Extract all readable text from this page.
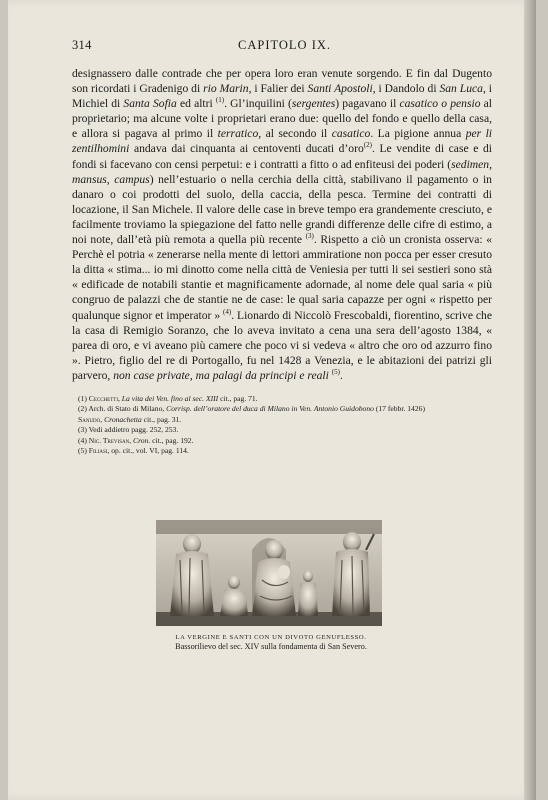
314	CAPITOLO IX.

designassero dalle contrade che per opera loro eran venute sorgendo. E fin dal Dugento son ricordati i Gradenigo di rio Marin, i Falier dei Santi Apostoli, i Dandolo di San Luca, i Michiel di Santa Sofia ed altri $^{(1)}$. Gl’inquilini (sergentes) pagavano il casatico o pensio al proprietario; ma alcune volte i proprietari erano due: quello del fondo e quello della casa, e allora si pagava al primo il terratico, al secondo il casatico. La pigione annua per li zentilhomini andava dai cinquanta ai centoventi ducati d’oro$^{(2)}$. Le vendite di case e di fondi si facevano con censi perpetui: e i contratti a fitto o ad enfiteusi dei poderi (sedimen, mansus, campus) nell’estuario o nella cerchia della città, stabilivano il pagamento o in danaro o coi prodotti del suolo, della caccia, della pesca. Termine dei contratti di locazione, il San Michele. Il valore delle case in breve tempo era grandemente cresciuto, e facilmente troviamo la spiegazione del fatto nelle grandi differenze delle cifre di estimo, a noi note, dall’età più remota a quella più recente $^{(3)}$. Rispetto a ciò un cronista osserva: « Perchè el potria « zenerarse nella mente di lettori ammiratione non pocca per esser cresuto la ditta « stima... io mi dinotto come nella città de Veniesia per tutti li sei sestieri sono stà « edificade de notabili stantie et magnificamente adornade, al nome dele qual saria « più congruo de palazzi che de stantie ne de case: le qual saria capazze per ogni « rispetto per qualunque signor et imperator » $^{(4)}$. Lionardo di Niccolò Frescobaldi, fiorentino, scrive che la casa di Remigio Soranzo, che lo aveva invitato a cena una sera dell’agosto 1384, « parea di oro, e vi aveano più camere che poco vi si vedeva « altro che oro od azzurro fino ». Pietro, figlio del re di Portogallo, fu nel 1428 a Venezia, e le abitazioni dei patrizi gli parvero, non case private, ma palagi da principi e reali $^{(5)}$.

(1) Cecchetti, La vita dei Ven. fino al sec. XIII cit., pag. 71.
(2) Arch. di Stato di Milano, Corrisp. dell’oratore del duca di Milano in Ven. Antonio Guidobono (17 febbr. 1426)
Sanudo, Cronachetta cit., pag. 31.
(3) Vedi addietro pagg. 252, 253.
(4) Nic. Trevisan, Cron. cit., pag. 192.
(5) Filiasi, op. cit., vol. VI, pag. 114.
LA VERGINE E SANTI CON UN DIVOTO GENUFLESSO.
Bassorilievo del sec. XIV sulla fondamenta di San Severo.
